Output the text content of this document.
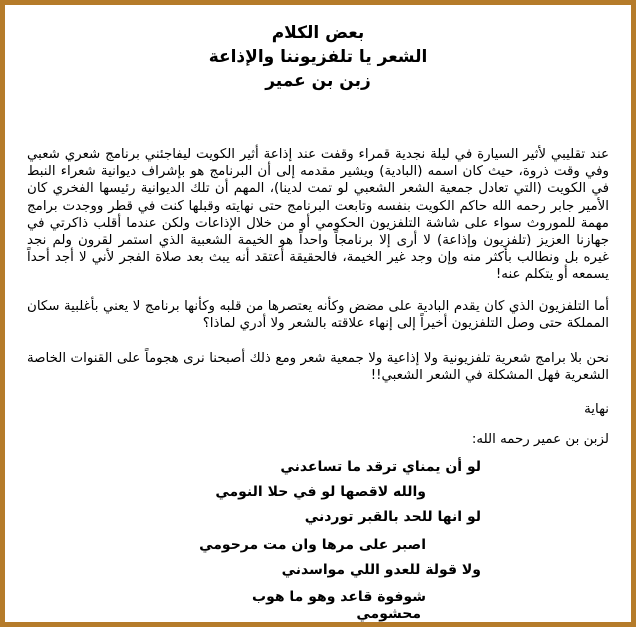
بعض الكلام
الشعر يا تلفزيوننا والإذاعة
زبن بن عمير
عند تقليبي لأثير السيارة في ليلة نجدية قمراء وقفت عند إذاعة أثير الكويت ليفاجئني برنامج شعري شعبي وفي وقت ذروة، حيث كان اسمه (البادية) ويشير مقدمه إلى أن البرنامج هو بإشراف ديوانية شعراء النبط في الكويت (التي تعادل جمعية الشعر الشعبي لو تمت لدينا)، المهم أن تلك الديوانية رئيسها الفخري كان الأمير جابر رحمه الله حاكم الكويت بنفسه وتابعت البرنامج حتى نهايته وقبلها كنت في قطر ووجدت برامج مهمة للموروث سواء على شاشة التلفزيون الحكومي أو من خلال الإذاعات ولكن عندما أقلب ذاكرتي في جهازنا العزيز (تلفزيون وإذاعة) لا أرى إلا برنامجاً واحداً هو الخيمة الشعبية الذي استمر لقرون ولم نجد غيره بل ونطالب بأكثر منه وإن وجد غير الخيمة، فالحقيقة أعتقد أنه يبث بعد صلاة الفجر لأني لا أجد أحداً يسمعه أو يتكلم عنه!
أما التلفزيون الذي كان يقدم البادية على مضض وكأنه يعتصرها من قلبه وكأنها برنامج لا يعني بأغلبية سكان المملكة حتى وصل التلفزيون أخيراً إلى إنهاء علاقته بالشعر ولا أدري لماذا؟
نحن بلا برامج شعرية تلفزيونية ولا إذاعية ولا جمعية شعر ومع ذلك أصبحنا نرى هجوماً على القنوات الخاصة الشعرية فهل المشكلة في الشعر الشعبي!!
نهاية
لزبن بن عمير رحمه الله:
لو أن يمناي ترقد ما تساعدني
والله لاقصها لو في حلا النومي
لو انها للحد بالقبر توردني
اصبر على مرها وان مت مرحومي
ولا قولة للعدو اللي مواسدني
شوفوة قاعد وهو ما هوب
محشومي
